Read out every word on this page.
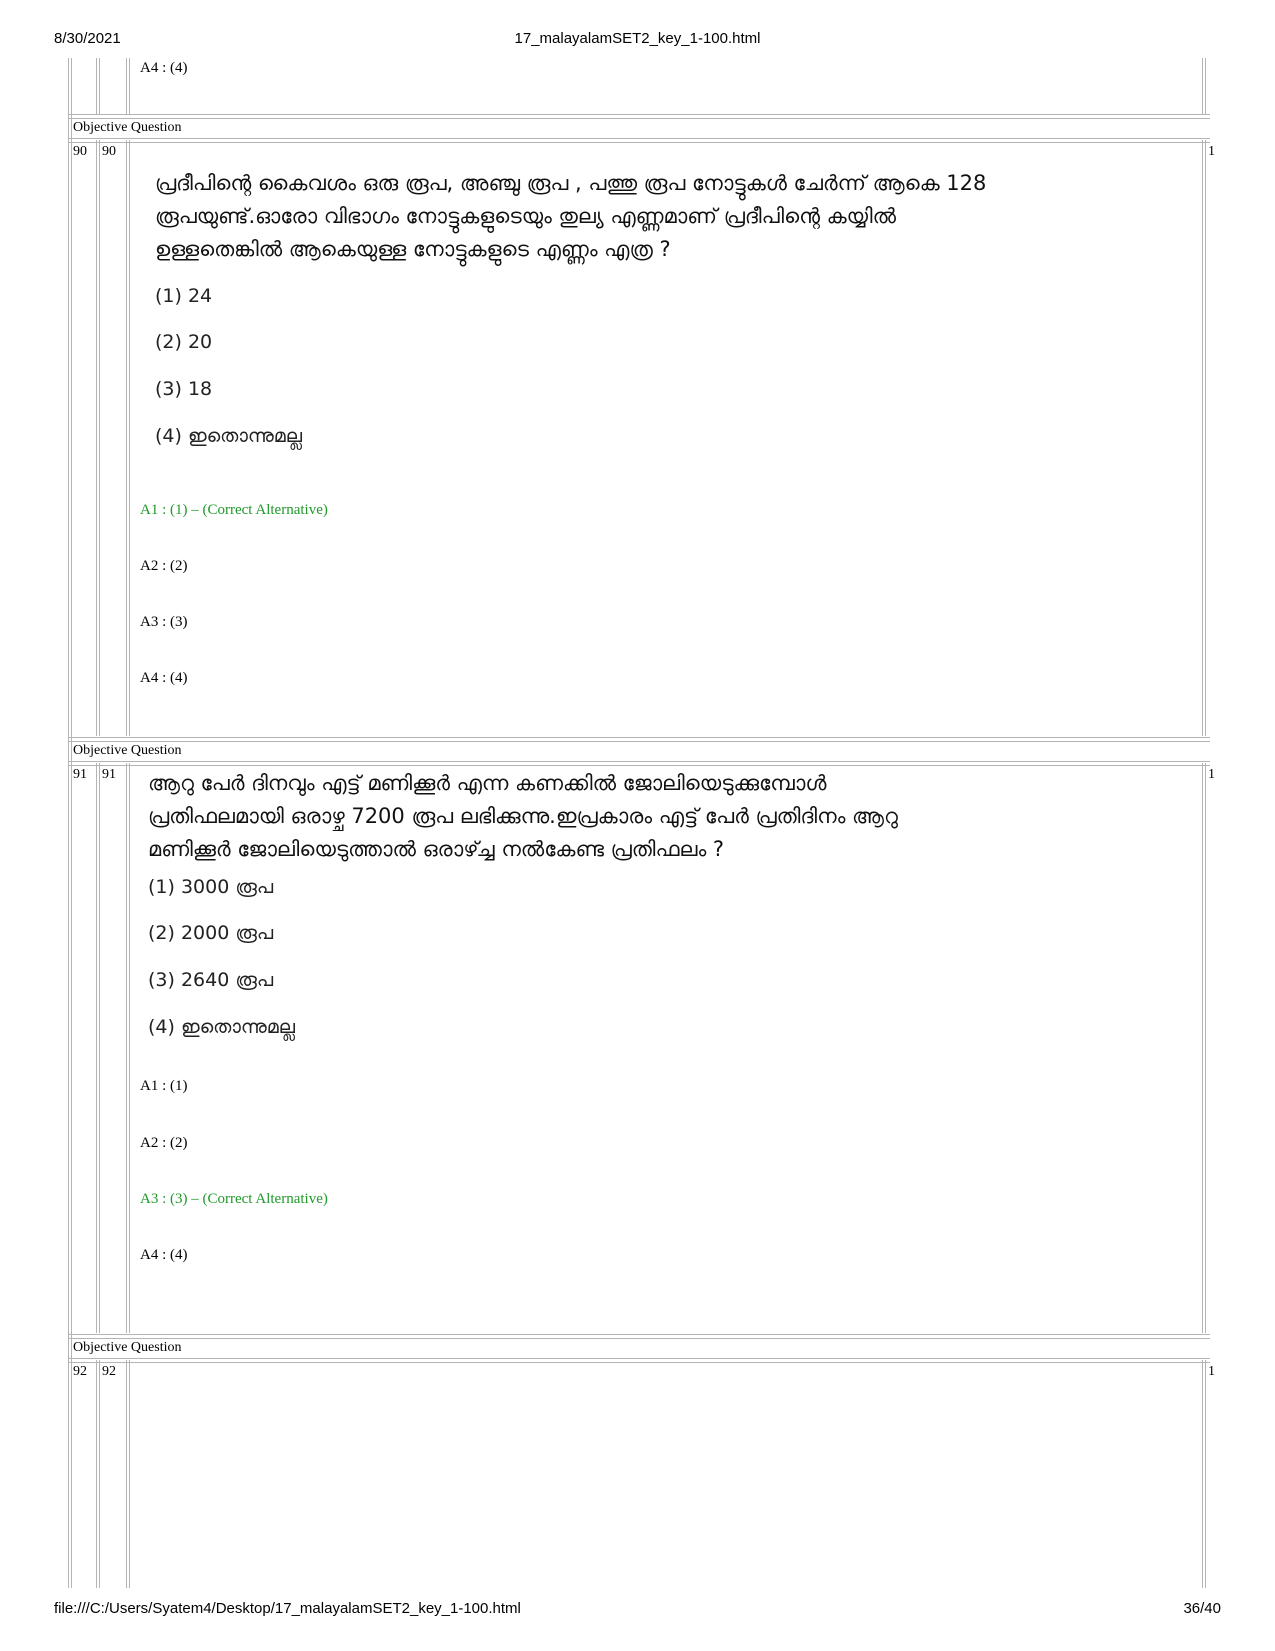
8/30/2021	17_malayalamSET2_key_1-100.html
file:///C:/Users/Syatem4/Desktop/17_malayalamSET2_key_1-100.html	36/40
A4 : (4)
Objective Question
90 90	1
പ്രദീപിന്റെ കൈവശം ഒരു രൂപ, അഞ്ചു രൂപ , പത്തു രൂപ നോട്ടുകൾ ചേർന്ന് ആകെ 128
രൂപയുണ്ട്.ഓരോ വിഭാഗം നോട്ടുകളുടെയും തുല്യ എണ്ണമാണ് പ്രദീപിന്റെ കയ്യിൽ
ഉള്ളതെങ്കിൽ ആകെയുള്ള നോട്ടുകളുടെ എണ്ണം എത്ര ?
(1) 24
(2) 20
(3) 18
(4) ഇതൊന്നുമല്ല
A1 : (1) – (Correct Alternative)
A2 : (2)
A3 : (3)
A4 : (4)
Objective Question
91 91	1
ആറു പേർ ദിനവും എട്ട് മണിക്കൂർ എന്ന കണക്കിൽ ജോലിയെടുക്കുമ്പോൾ
പ്രതിഫലമായി ഒരാഴ്ച 7200 രൂപ ലഭിക്കുന്നു.ഇപ്രകാരം എട്ട് പേർ പ്രതിദിനം ആറു
മണിക്കൂർ ജോലിയെടുത്താൽ ഒരാഴ്ച്ച നൽകേണ്ട പ്രതിഫലം ?
(1) 3000 രൂപ
(2) 2000 രൂപ
(3) 2640 രൂപ
(4) ഇതൊന്നുമല്ല
A1 : (1)
A2 : (2)
A3 : (3) – (Correct Alternative)
A4 : (4)
Objective Question
92 92	1
